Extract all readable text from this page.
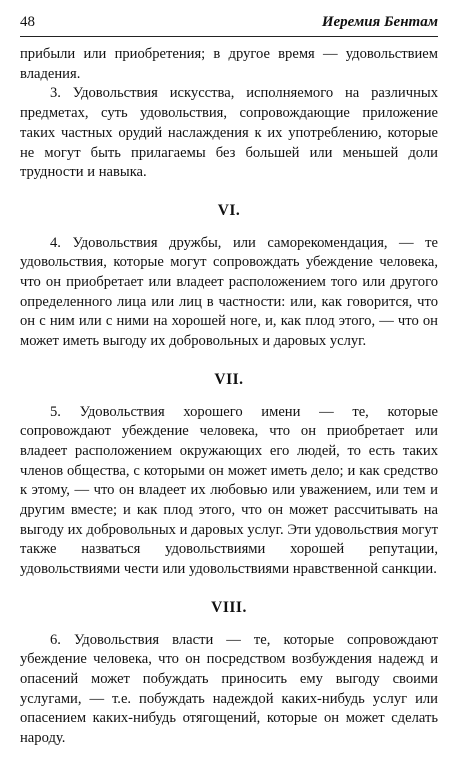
48	Иеремия Бентам

прибыли или приобретения; в другое время — удовольствием владения.

3. Удовольствия искусства, исполняемого на различных предметах, суть удовольствия, сопровождающие приложение таких частных орудий наслаждения к их употреблению, которые не могут быть прилагаемы без большей или меньшей доли трудности и навыка.

VI.

4. Удовольствия дружбы, или саморекомендация, — те удовольствия, которые могут сопровождать убеждение человека, что он приобретает или владеет расположением того или другого определенного лица или лиц в частности: или, как говорится, что он с ним или с ними на хорошей ноге, и, как плод этого, — что он может иметь выгоду их добровольных и даровых услуг.

VII.

5. Удовольствия хорошего имени — те, которые сопровождают убеждение человека, что он приобретает или владеет расположением окружающих его людей, то есть таких членов общества, с которыми он может иметь дело; и как средство к этому, — что он владеет их любовью или уважением, или тем и другим вместе; и как плод этого, что он может рассчитывать на выгоду их добровольных и даровых услуг. Эти удовольствия могут также назваться удовольствиями хорошей репутации, удовольствиями чести или удовольствиями нравственной санкции.

VIII.

6. Удовольствия власти — те, которые сопровождают убеждение человека, что он посредством возбуждения надежд и опасений может побуждать приносить ему выгоду своими услугами, — т.е. побуждать надеждой каких-нибудь услуг или опасением каких-нибудь отягощений, которые он может сделать народу.
